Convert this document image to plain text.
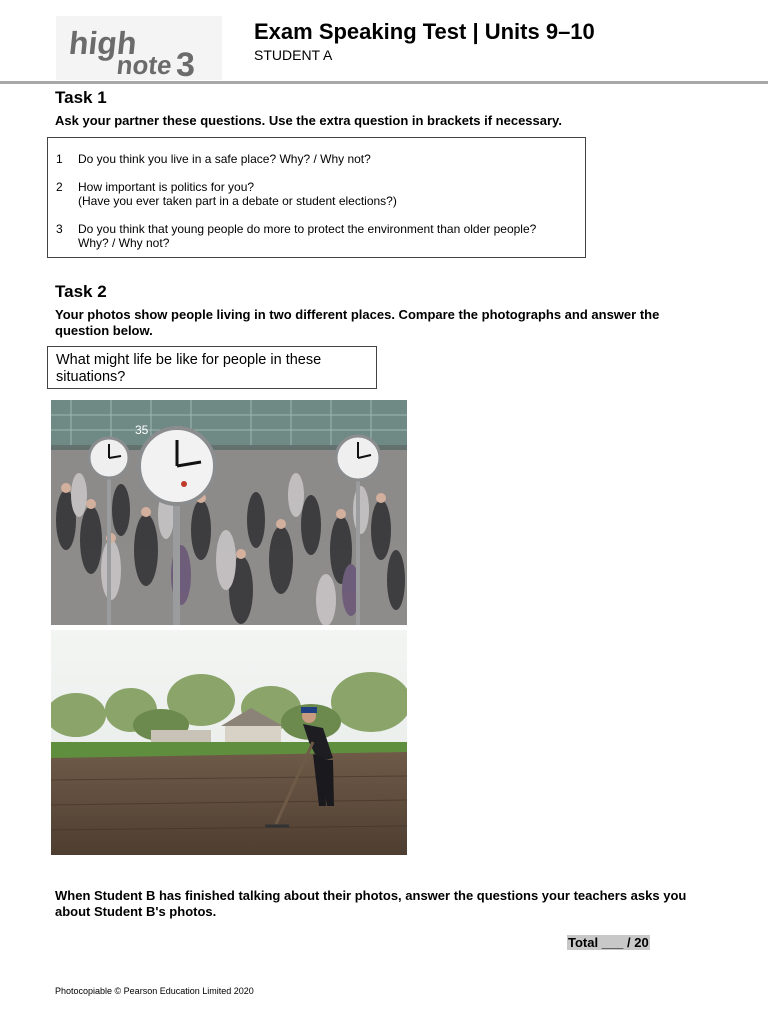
high
note 3
Exam Speaking Test | Units 9–10
STUDENT A
Task 1
Ask your partner these questions. Use the extra question in brackets if necessary.
1 Do you think you live in a safe place? Why? / Why not?
2 How important is politics for you?
(Have you ever taken part in a debate or student elections?)
3 Do you think that young people do more to protect the environment than older people?
Why? / Why not?
Task 2
Your photos show people living in two different places. Compare the photographs and answer the question below.
What might life be like for people in these situations?
35
When Student B has finished talking about their photos, answer the questions your teachers asks you about Student B's photos.
Total ___ / 20
Photocopiable © Pearson Education Limited 2020
